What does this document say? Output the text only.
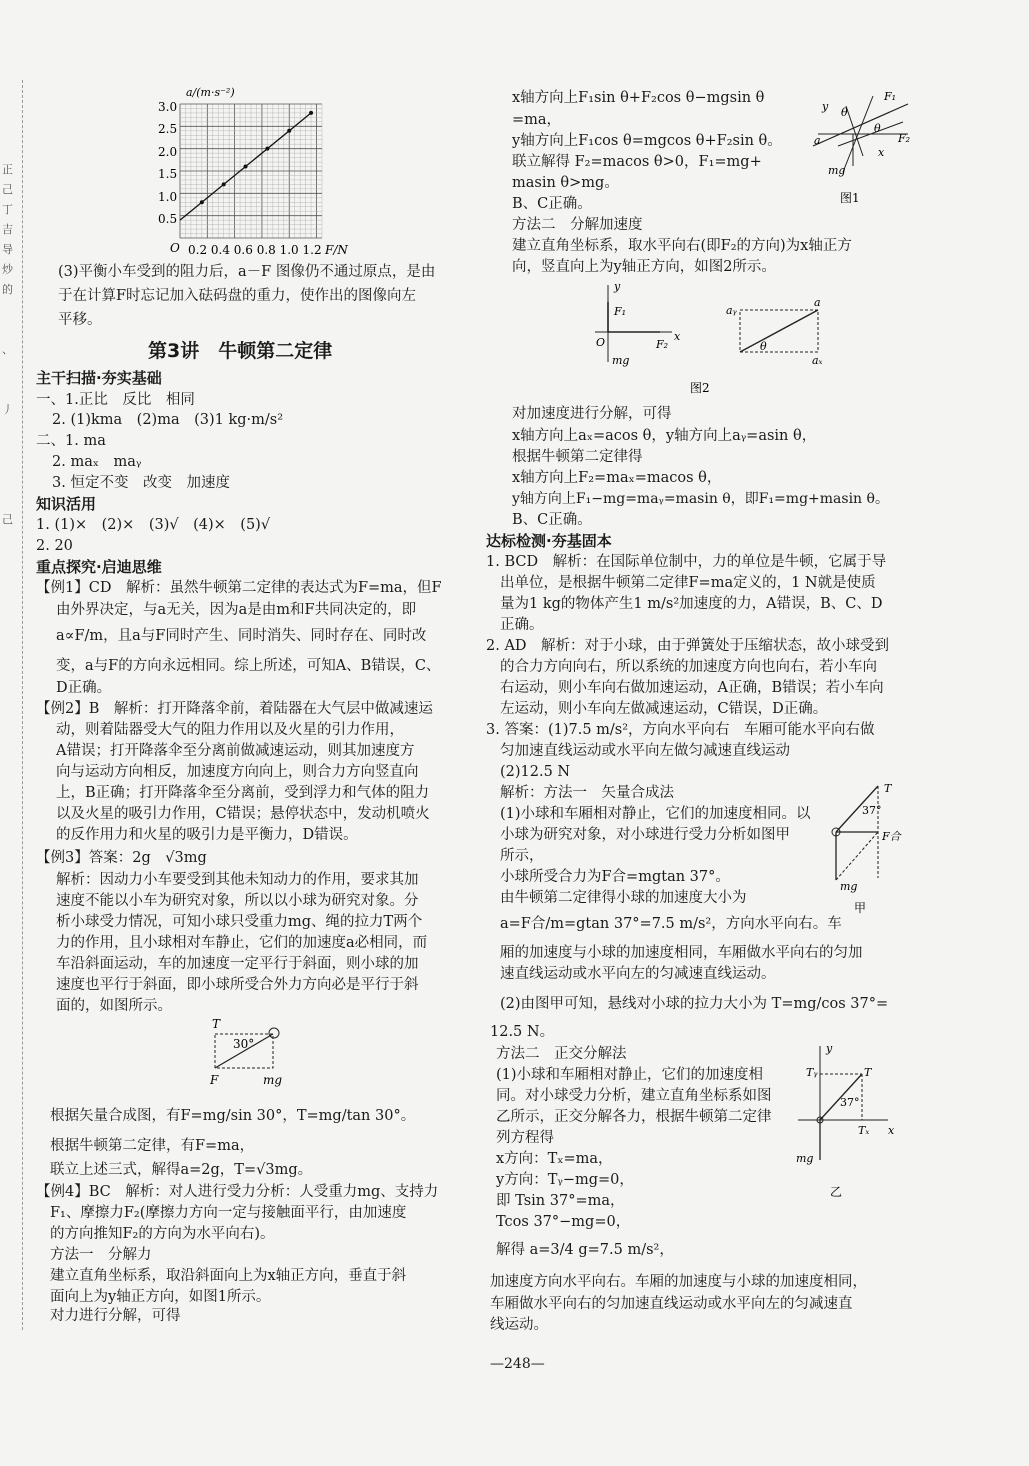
正
己
丁
吉
导
炒
的
、
丿
己
a/(m·s⁻²)
3.0
2.5
2.0
1.5
1.0
0.5
O 0.2 0.4 0.6 0.8 1.0 1.2 F/N
(3)平衡小车受到的阻力后，a－F 图像仍不通过原点，是由
于在计算F时忘记加入砝码盘的重力，使作出的图像向左
平移。
第3讲　牛顿第二定律
主干扫描·夯实基础
一、1.正比　反比　相同
2. (1)kma　(2)ma　(3)1 kg·m/s²
二、1. ma
2. maₓ　maᵧ
3. 恒定不变　改变　加速度
知识活用
1. (1)×　(2)×　(3)√　(4)×　(5)√
2. 20
重点探究·启迪思维
【例1】CD　解析：虽然牛顿第二定律的表达式为F=ma，但F
由外界决定，与a无关，因为a是由m和F共同决定的，即
a∝F/m，且a与F同时产生、同时消失、同时存在、同时改
变，a与F的方向永远相同。综上所述，可知A、B错误，C、
D正确。
【例2】B　解析：打开降落伞前，着陆器在大气层中做减速运
动，则着陆器受大气的阻力作用以及火星的引力作用，
A错误；打开降落伞至分离前做减速运动，则其加速度方
向与运动方向相反，加速度方向向上，则合力方向竖直向
上，B正确；打开降落伞至分离前，受到浮力和气体的阻力
以及火星的吸引力作用，C错误；悬停状态中，发动机喷火
的反作用力和火星的吸引力是平衡力，D错误。
【例3】答案：2g　√3mg
解析：因动力小车要受到其他未知动力的作用，要求其加
速度不能以小车为研究对象，所以以小球为研究对象。分
析小球受力情况，可知小球只受重力mg、绳的拉力T两个
力的作用，且小球相对车静止，它们的加速度a必相同，而
车沿斜面运动，车的加速度一定平行于斜面，则小球的加
速度也平行于斜面，即小球所受合外力方向必是平行于斜
面的，如图所示。
T
30°
F	mg
根据矢量合成图，有F=mg/sin 30°，T=mg/tan 30°。
根据牛顿第二定律，有F=ma，
联立上述三式，解得a=2g，T=√3mg。
【例4】BC　解析：对人进行受力分析：人受重力mg、支持力
F₁、摩擦力F₂(摩擦力方向一定与接触面平行，由加速度
的方向推知F₂的方向为水平向右)。
方法一　分解力
建立直角坐标系，取沿斜面向上为x轴正方向，垂直于斜
面向上为y轴正方向，如图1所示。
对力进行分解，可得
x轴方向上F₁sin θ+F₂cos θ−mgsin θ
=ma，
y轴方向上F₁cos θ=mgcos θ+F₂sin θ。
联立解得 F₂=macos θ>0，F₁=mg+
masin θ>mg。
B、C正确。
方法二　分解加速度
y
F₁
θ
θ
a	F₂
x
mg
图1
建立直角坐标系，取水平向右(即F₂的方向)为x轴正方
向，竖直向上为y轴正方向，如图2所示。
y
F₁
O	F₂
x
mg
aᵧ
a
θ
aₓ
图2
对加速度进行分解，可得
x轴方向上aₓ=acos θ，y轴方向上aᵧ=asin θ，
根据牛顿第二定律得
x轴方向上F₂=maₓ=macos θ，
y轴方向上F₁−mg=maᵧ=masin θ，即F₁=mg+masin θ。
B、C正确。
达标检测·夯基固本
1. BCD　解析：在国际单位制中，力的单位是牛顿，它属于导
出单位，是根据牛顿第二定律F=ma定义的，1 N就是使质
量为1 kg的物体产生1 m/s²加速度的力，A错误，B、C、D
正确。
2. AD　解析：对于小球，由于弹簧处于压缩状态，故小球受到
的合力方向向右，所以系统的加速度方向也向右，若小车向
右运动，则小车向右做加速运动，A正确，B错误；若小车向
左运动，则小车向左做减速运动，C错误，D正确。
3. 答案：(1)7.5 m/s²，方向水平向右　车厢可能水平向右做
匀加速直线运动或水平向左做匀减速直线运动
(2)12.5 N
解析：方法一　矢量合成法
(1)小球和车厢相对静止，它们的加速度相同。以
小球为研究对象，对小球进行受力分析如图甲
所示，
小球所受合力为F合=mgtan 37°。
由牛顿第二定律得小球的加速度大小为
a=F合/m=gtan 37°=7.5 m/s²，方向水平向右。车
厢的加速度与小球的加速度相同，车厢做水平向右的匀加
速直线运动或水平向左的匀减速直线运动。
T
37°
F合
mg
甲
(2)由图甲可知，悬线对小球的拉力大小为 T=mg/cos 37°=
12.5 N。
方法二　正交分解法
(1)小球和车厢相对静止，它们的加速度相
同。对小球受力分析，建立直角坐标系如图
乙所示，正交分解各力，根据牛顿第二定律
列方程得
x方向：Tₓ=ma，
y方向：Tᵧ−mg=0，
即 Tsin 37°=ma，
Tcos 37°−mg=0，
解得 a=3/4 g=7.5 m/s²，
y
Tᵧ	T
37°
Tₓ x
mg
乙
加速度方向水平向右。车厢的加速度与小球的加速度相同，
车厢做水平向右的匀加速直线运动或水平向左的匀减速直
线运动。
—248—
